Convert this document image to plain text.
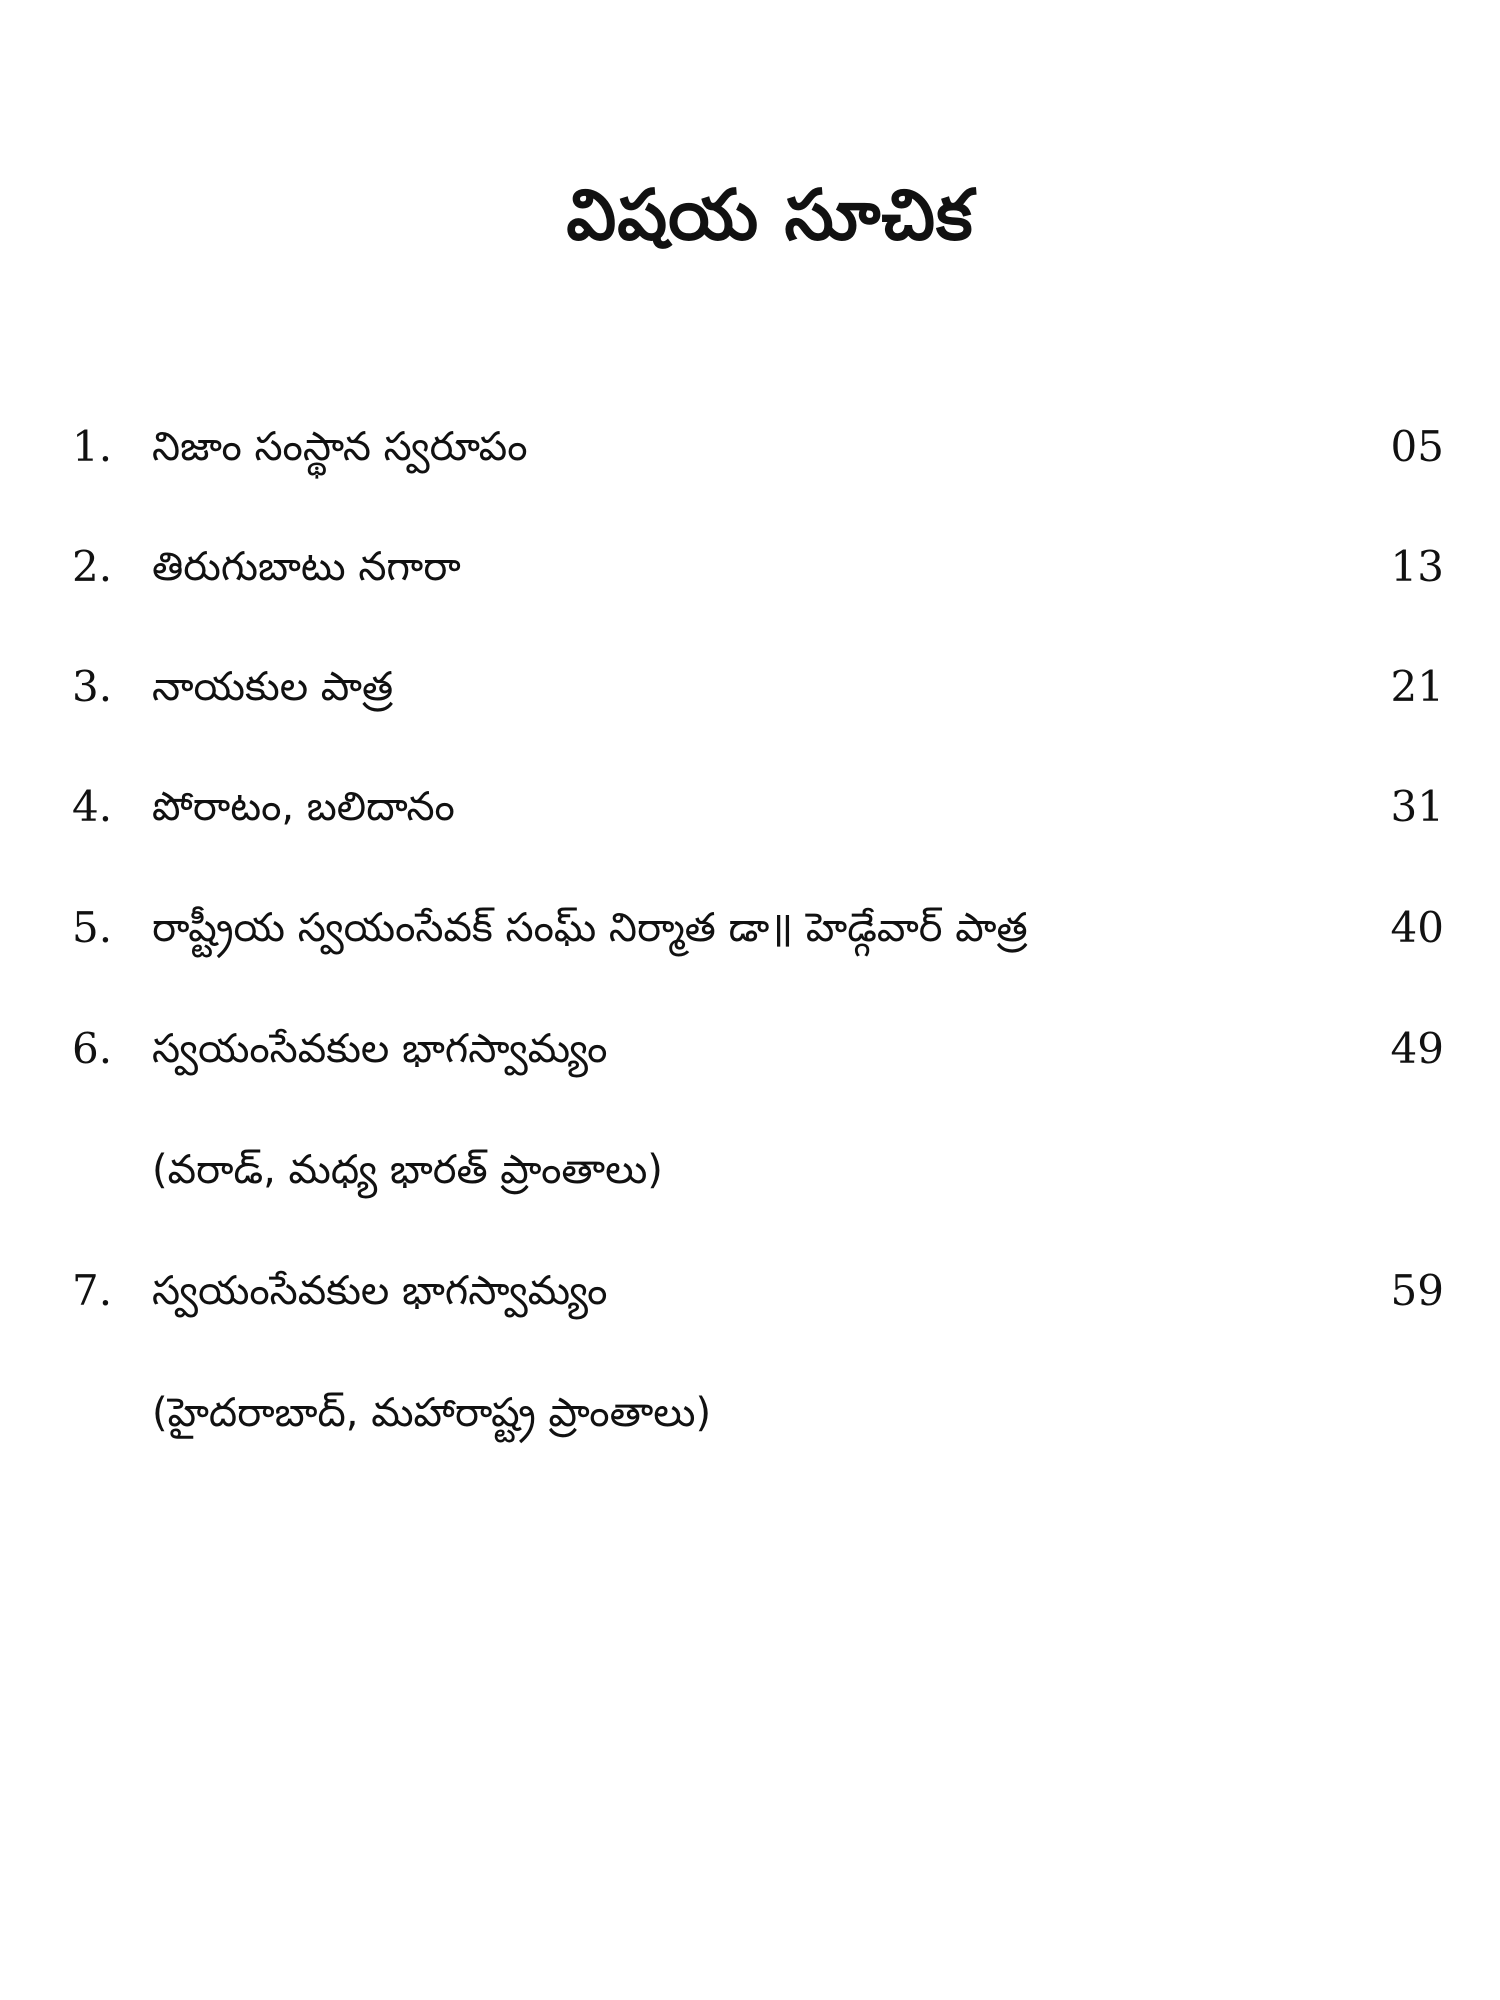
విషయ సూచిక
1. నిజాం సంస్థాన స్వరూపం	05
2. తిరుగుబాటు నగారా	13
3. నాయకుల పాత్ర	21
4. పోరాటం, బలిదానం	31
5. రాష్ట్రీయ స్వయంసేవక్ సంఘ్ నిర్మాత డా॥ హెడ్గేవార్ పాత్ర	40
6. స్వయంసేవకుల భాగస్వామ్యం	49
(వరాడ్, మధ్య భారత్ ప్రాంతాలు)
7. స్వయంసేవకుల భాగస్వామ్యం	59
(హైదరాబాద్, మహారాష్ట్ర ప్రాంతాలు)
